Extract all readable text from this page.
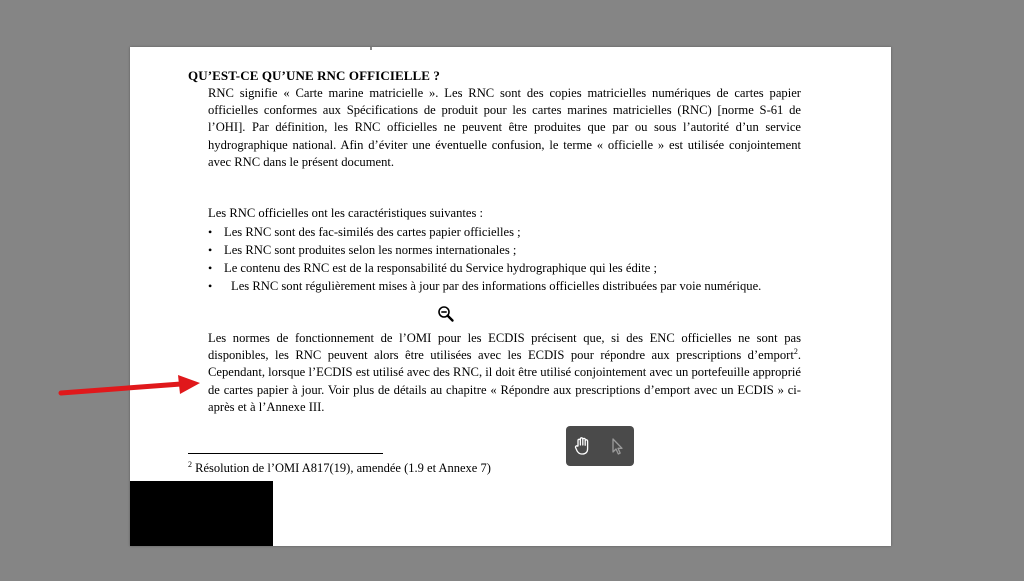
QU’EST-CE QU’UNE RNC OFFICIELLE ?
RNC signifie « Carte marine matricielle ». Les RNC sont des copies matricielles numériques de cartes papier officielles conformes aux Spécifications de produit pour les cartes marines matricielles (RNC) [norme S-61 de l’OHI]. Par définition, les RNC officielles ne peuvent être produites que par ou sous l’autorité d’un service hydrographique national. Afin d’éviter une éventuelle confusion, le terme « officielle » est utilisée conjointement avec RNC dans le présent document.
Les RNC officielles ont les caractéristiques suivantes :
• Les RNC sont des fac-similés des cartes papier officielles ;
• Les RNC sont produites selon les normes internationales ;
• Le contenu des RNC est de la responsabilité du Service hydrographique qui les édite ;
• Les RNC sont régulièrement mises à jour par des informations officielles distribuées par voie numérique.
Les normes de fonctionnement de l’OMI pour les ECDIS précisent que, si des ENC officielles ne sont pas disponibles, les RNC peuvent alors être utilisées avec les ECDIS pour répondre aux prescriptions d’emport$^2$. Cependant, lorsque l’ECDIS est utilisé avec des RNC, il doit être utilisé conjointement avec un portefeuille approprié de cartes papier à jour. Voir plus de détails au chapitre « Répondre aux prescriptions d’emport avec un ECDIS » ci-après et à l’Annexe III.
$^2$ Résolution de l’OMI A817(19), amendée (1.9 et Annexe 7)
